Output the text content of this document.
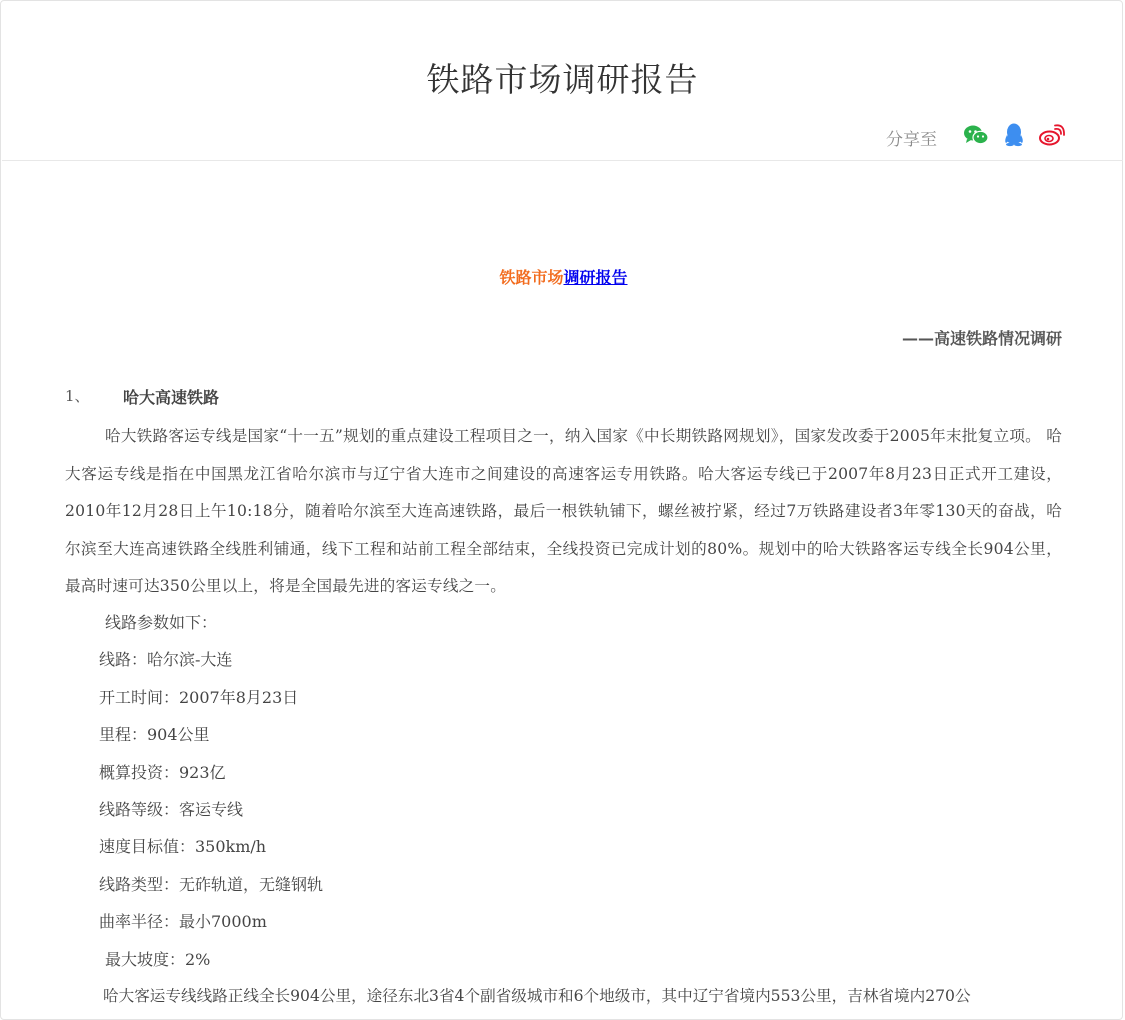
铁路市场调研报告
分享至
铁路市场调研报告
——高速铁路情况调研
1、 哈大高速铁路
哈大铁路客运专线是国家“十一五”规划的重点建设工程项目之一，纳入国家《中长期铁路网规划》，国家发改委于2005年末批复立项。 哈大客运专线是指在中国黑龙江省哈尔滨市与辽宁省大连市之间建设的高速客运专用铁路。哈大客运专线已于2007年8月23日正式开工建设，2010年12月28日上午10:18分，随着哈尔滨至大连高速铁路，最后一根铁轨铺下，螺丝被拧紧，经过7万铁路建设者3年零130天的奋战，哈尔滨至大连高速铁路全线胜利铺通，线下工程和站前工程全部结束，全线投资已完成计划的80%。规划中的哈大铁路客运专线全长904公里，最高时速可达350公里以上，将是全国最先进的客运专线之一。
线路参数如下：
线路：哈尔滨-大连
开工时间：2007年8月23日
里程：904公里
概算投资：923亿
线路等级：客运专线
速度目标值：350km/h
线路类型：无砟轨道，无缝钢轨
曲率半径：最小7000m
最大坡度：2%
哈大客运专线线路正线全长904公里，途径东北3省4个副省级城市和6个地级市，其中辽宁省境内553公里，吉林省境内270公
